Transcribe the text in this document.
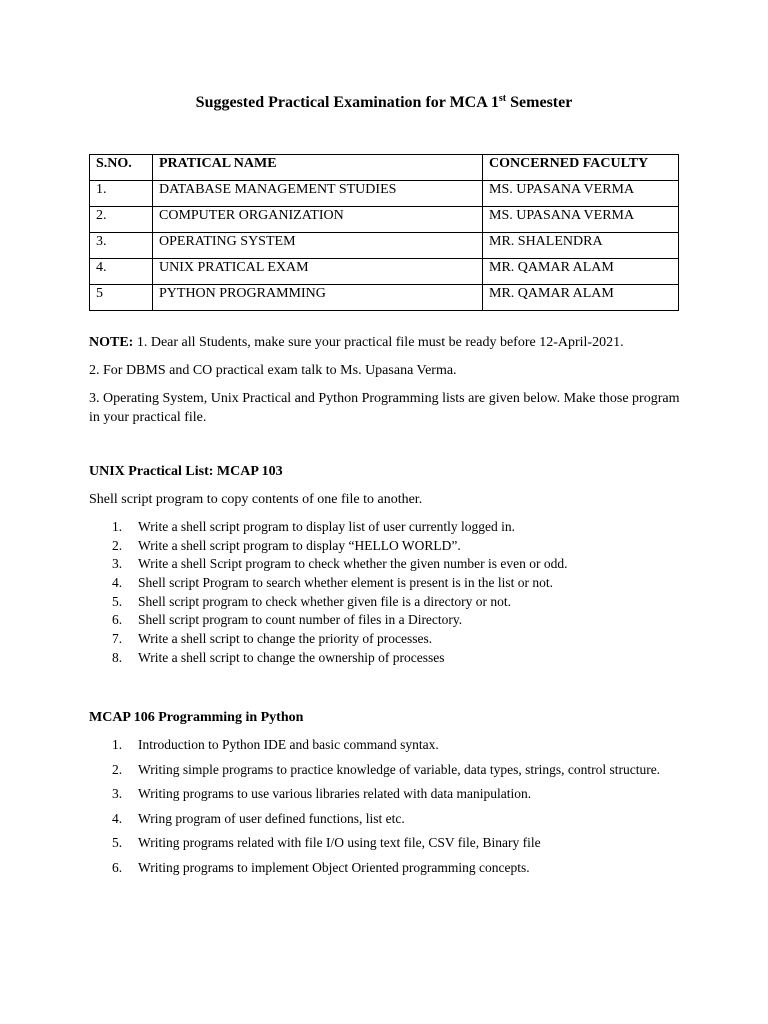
Suggested Practical Examination for MCA 1st Semester
S.NO.	PRATICAL NAME	CONCERNED FACULTY
1.	DATABASE MANAGEMENT STUDIES	MS. UPASANA VERMA
2.	COMPUTER ORGANIZATION	MS. UPASANA VERMA
3.	OPERATING SYSTEM	MR. SHALENDRA
4.	UNIX PRATICAL EXAM	MR. QAMAR ALAM
5	PYTHON PROGRAMMING	MR. QAMAR ALAM
NOTE: 1. Dear all Students, make sure your practical file must be ready before 12-April-2021.
2. For DBMS and CO practical exam talk to Ms. Upasana Verma.
3. Operating System, Unix Practical and Python Programming lists are given below. Make those program in your practical file.
UNIX Practical List: MCAP 103
Shell script program to copy contents of one file to another.
1. Write a shell script program to display list of user currently logged in.
2. Write a shell script program to display “HELLO WORLD”.
3. Write a shell Script program to check whether the given number is even or odd.
4. Shell script Program to search whether element is present is in the list or not.
5. Shell script program to check whether given file is a directory or not.
6. Shell script program to count number of files in a Directory.
7. Write a shell script to change the priority of processes.
8. Write a shell script to change the ownership of processes
MCAP 106 Programming in Python
1. Introduction to Python IDE and basic command syntax.
2. Writing simple programs to practice knowledge of variable, data types, strings, control structure.
3. Writing programs to use various libraries related with data manipulation.
4. Wring program of user defined functions, list etc.
5. Writing programs related with file I/O using text file, CSV file, Binary file
6. Writing programs to implement Object Oriented programming concepts.
